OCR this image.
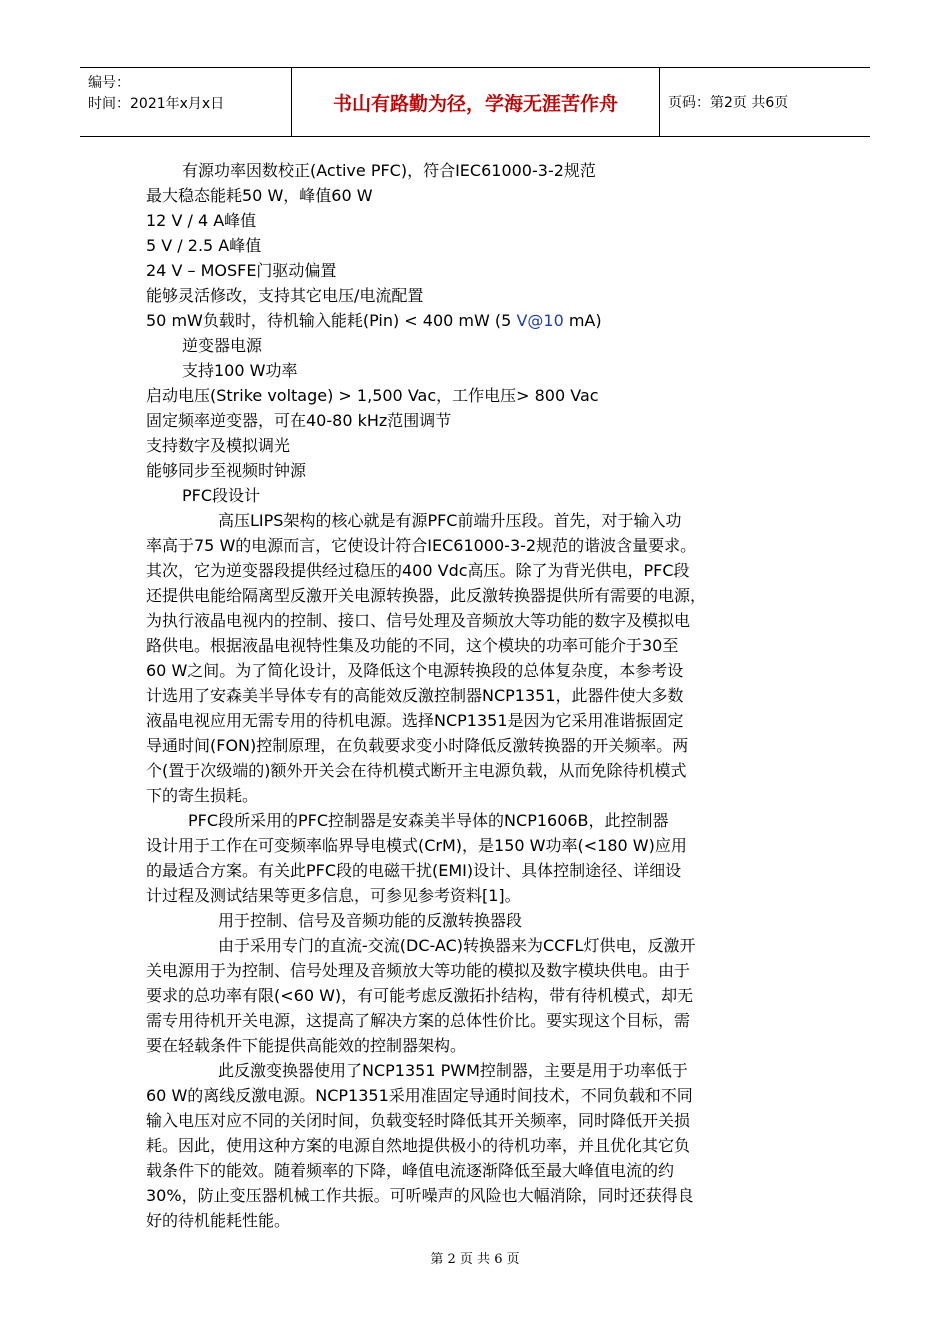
编号：
时间：2021年x月x日	书山有路勤为径，学海无涯苦作舟	页码：第2页 共6页
有源功率因数校正(Active PFC)，符合IEC61000-3-2规范
最大稳态能耗50 W，峰值60 W
12 V / 4 A峰值
5 V / 2.5 A峰值
24 V – MOSFE门驱动偏置
能够灵活修改，支持其它电压/电流配置
50 mW负载时，待机输入能耗(Pin) < 400 mW (5 V@10 mA)
逆变器电源
支持100 W功率
启动电压(Strike voltage) > 1,500 Vac，工作电压> 800 Vac
固定频率逆变器，可在40-80 kHz范围调节
支持数字及模拟调光
能够同步至视频时钟源
PFC段设计
高压LIPS架构的核心就是有源PFC前端升压段。首先，对于输入功
率高于75 W的电源而言，它使设计符合IEC61000-3-2规范的谐波含量要求。
其次，它为逆变器段提供经过稳压的400 Vdc高压。除了为背光供电，PFC段
还提供电能给隔离型反激开关电源转换器，此反激转换器提供所有需要的电源，
为执行液晶电视内的控制、接口、信号处理及音频放大等功能的数字及模拟电
路供电。根据液晶电视特性集及功能的不同，这个模块的功率可能介于30至
60 W之间。为了简化设计，及降低这个电源转换段的总体复杂度，本参考设
计选用了安森美半导体专有的高能效反激控制器NCP1351，此器件使大多数
液晶电视应用无需专用的待机电源。选择NCP1351是因为它采用准谐振固定
导通时间(FON)控制原理，在负载要求变小时降低反激转换器的开关频率。两
个(置于次级端的)额外开关会在待机模式断开主电源负载，从而免除待机模式
下的寄生损耗。
PFC段所采用的PFC控制器是安森美半导体的NCP1606B，此控制器
设计用于工作在可变频率临界导电模式(CrM)，是150 W功率(<180 W)应用
的最适合方案。有关此PFC段的电磁干扰(EMI)设计、具体控制途径、详细设
计过程及测试结果等更多信息，可参见参考资料[1]。
用于控制、信号及音频功能的反激转换器段
由于采用专门的直流-交流(DC-AC)转换器来为CCFL灯供电，反激开
关电源用于为控制、信号处理及音频放大等功能的模拟及数字模块供电。由于
要求的总功率有限(<60 W)，有可能考虑反激拓扑结构，带有待机模式，却无
需专用待机开关电源，这提高了解决方案的总体性价比。要实现这个目标，需
要在轻载条件下能提供高能效的控制器架构。
此反激变换器使用了NCP1351 PWM控制器，主要是用于功率低于
60 W的离线反激电源。NCP1351采用准固定导通时间技术，不同负载和不同
输入电压对应不同的关闭时间，负载变轻时降低其开关频率，同时降低开关损
耗。因此，使用这种方案的电源自然地提供极小的待机功率，并且优化其它负
载条件下的能效。随着频率的下降，峰值电流逐渐降低至最大峰值电流的约
30%，防止变压器机械工作共振。可听噪声的风险也大幅消除，同时还获得良
好的待机能耗性能。
第 2 页 共 6 页
